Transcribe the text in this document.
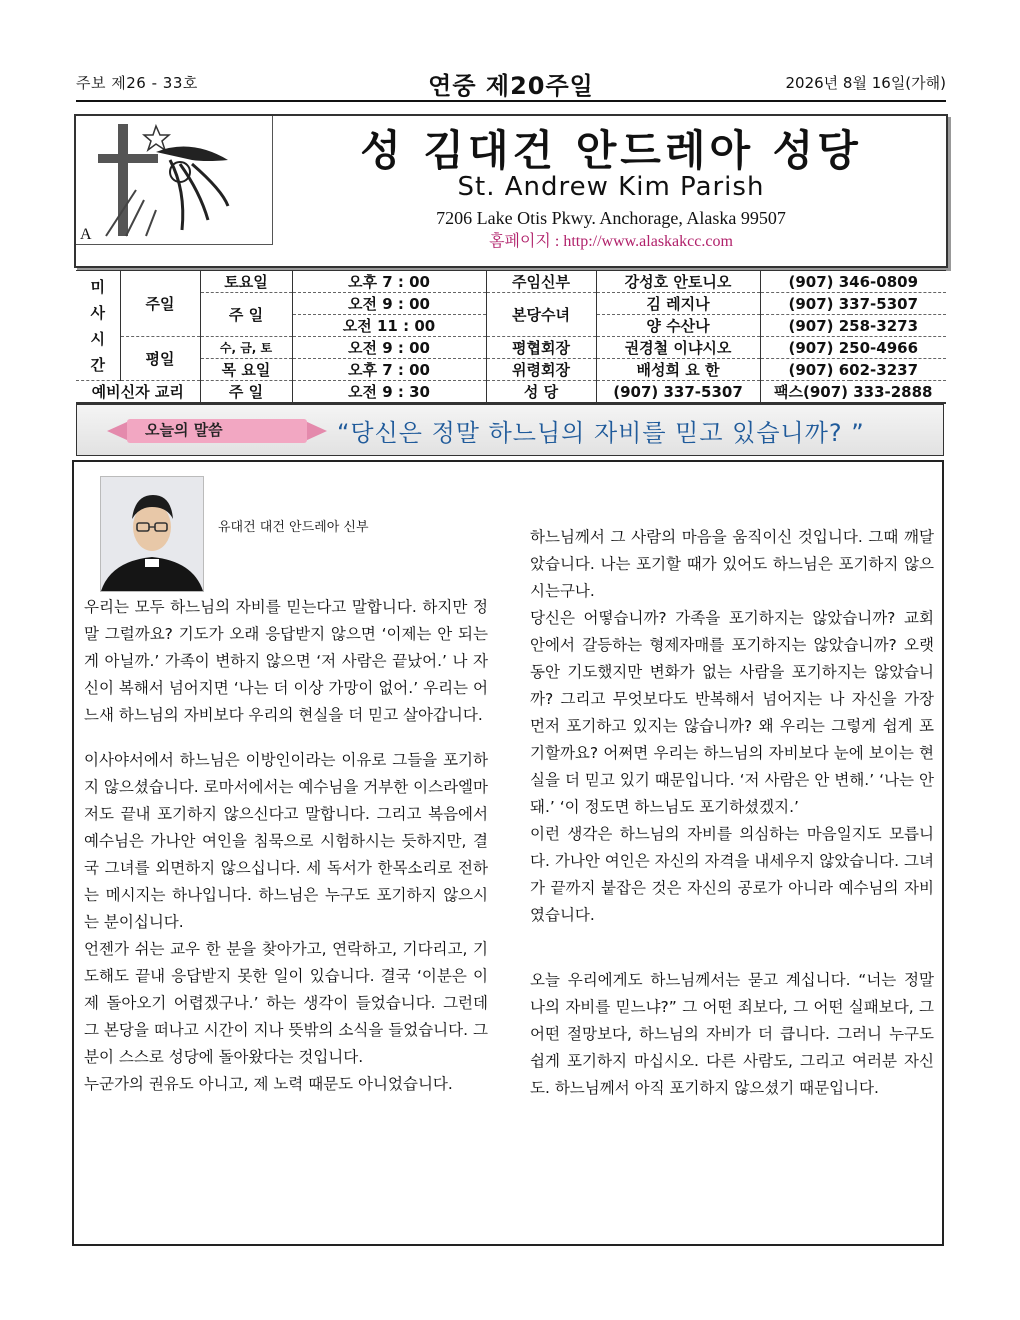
주보 제26 - 33호	연중 제20주일	2026년 8월 16일(가해)
A
성 김대건 안드레아 성당
St. Andrew Kim Parish
7206 Lake Otis Pkwy. Anchorage, Alaska 99507
홈페이지 : http://www.alaskakcc.com
미
사
시
간	주일	토요일	오후 7 : 00	주임신부	강성호 안토니오	(907) 346-0809
		주 일	오전 9 : 00	본당수녀	김 레지나	(907) 337-5307
			오전 11 : 00		양 수산나	(907) 258-3273
	평일	수, 금, 토	오전 9 : 00	평협회장	권경철 이냐시오	(907) 250-4966
		목 요일	오후 7 : 00	위령회장	배성희 요 한	(907) 602-3237
예비신자 교리		주 일	오전 9 : 30	성 당	(907) 337-5307	팩스(907) 333-2888
오늘의 말씀	“당신은 정말 하느님의 자비를 믿고 있습니까? ”
유대건 대건 안드레아 신부

우리는 모두 하느님의 자비를 믿는다고 말합니다. 하지만 정말 그럴까요? 기도가 오래 응답받지 않으면 ‘이제는 안 되는 게 아닐까.’ 가족이 변하지 않으면 ‘저 사람은 끝났어.’ 나 자신이 복해서 넘어지면 ‘나는 더 이상 가망이 없어.’ 우리는 어느새 하느님의 자비보다 우리의 현실을 더 믿고 살아갑니다.

이사야서에서 하느님은 이방인이라는 이유로 그들을 포기하지 않으셨습니다. 로마서에서는 예수님을 거부한 이스라엘마저도 끝내 포기하지 않으신다고 말합니다. 그리고 복음에서 예수님은 가나안 여인을 침묵으로 시험하시는 듯하지만, 결국 그녀를 외면하지 않으십니다. 세 독서가 한목소리로 전하는 메시지는 하나입니다. 하느님은 누구도 포기하지 않으시는 분이십니다.

언젠가 쉬는 교우 한 분을 찾아가고, 연락하고, 기다리고, 기도해도 끝내 응답받지 못한 일이 있습니다. 결국 ‘이분은 이제 돌아오기 어렵겠구나.’ 하는 생각이 들었습니다. 그런데 그 본당을 떠나고 시간이 지나 뜻밖의 소식을 들었습니다. 그분이 스스로 성당에 돌아왔다는 것입니다.

누군가의 권유도 아니고, 제 노력 때문도 아니었습니다.

하느님께서 그 사람의 마음을 움직이신 것입니다. 그때 깨달았습니다. 나는 포기할 때가 있어도 하느님은 포기하지 않으시는구나.

당신은 어떻습니까? 가족을 포기하지는 않았습니까? 교회 안에서 갈등하는 형제자매를 포기하지는 않았습니까? 오랫동안 기도했지만 변화가 없는 사람을 포기하지는 않았습니까? 그리고 무엇보다도 반복해서 넘어지는 나 자신을 가장 먼저 포기하고 있지는 않습니까? 왜 우리는 그렇게 쉽게 포기할까요? 어쩌면 우리는 하느님의 자비보다 눈에 보이는 현실을 더 믿고 있기 때문입니다. ‘저 사람은 안 변해.’ ‘나는 안 돼.’ ‘이 정도면 하느님도 포기하셨겠지.’

이런 생각은 하느님의 자비를 의심하는 마음일지도 모릅니다. 가나안 여인은 자신의 자격을 내세우지 않았습니다. 그녀가 끝까지 붙잡은 것은 자신의 공로가 아니라 예수님의 자비였습니다.

오늘 우리에게도 하느님께서는 묻고 계십니다. “너는 정말 나의 자비를 믿느냐?” 그 어떤 죄보다, 그 어떤 실패보다, 그 어떤 절망보다, 하느님의 자비가 더 큽니다. 그러니 누구도 쉽게 포기하지 마십시오. 다른 사람도, 그리고 여러분 자신도. 하느님께서 아직 포기하지 않으셨기 때문입니다.
